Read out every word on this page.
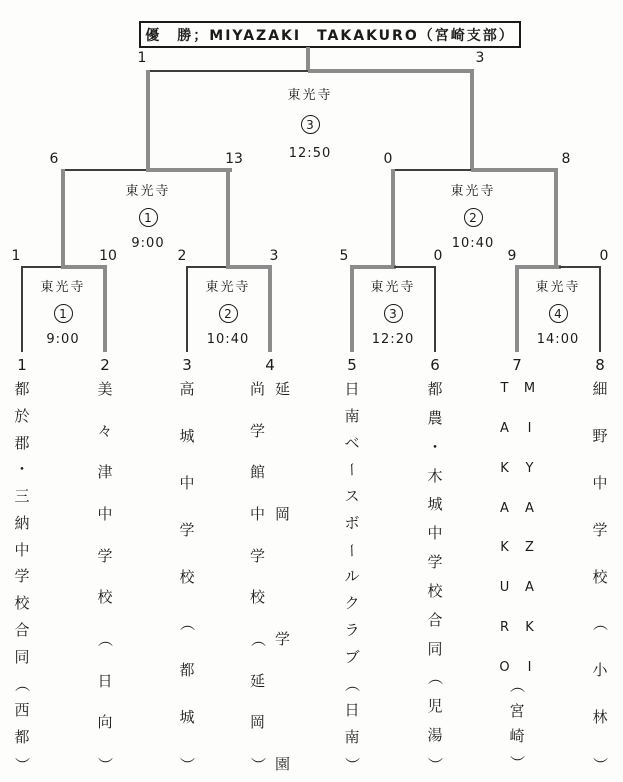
優　勝；MIYAZAKI　TAKAKURO（宮崎支部）
1	3
6	13	0	8
1	10	2	3	5	0	9	0
東光寺
3
12:50
東光寺
1
9:00
東光寺
2
10:40
東光寺
1
9:00
東光寺
2
10:40
東光寺
3
12:20
東光寺
4
14:00
1
都
於
郡
・
三
納
中
学
校
合
同
（
西
都
）
2
美
々
津
中
学
校
（
日
向
）
3
高
城
中
学
校
（
都
城
）
4
延
岡
学
園
尚
学
館
中
学
校
（
延
岡
）
5
日
南
ベ
ー
ス
ボ
ー
ル
ク
ラ
ブ
（
日
南
）
6
都
農
・
木
城
中
学
校
合
同
（
児
湯
）
7
M
I
Y
A
Z
A
K
I
T
A
K
A
K
U
R
O
（
宮
崎
）
8
細
野
中
学
校
（
小
林
）
